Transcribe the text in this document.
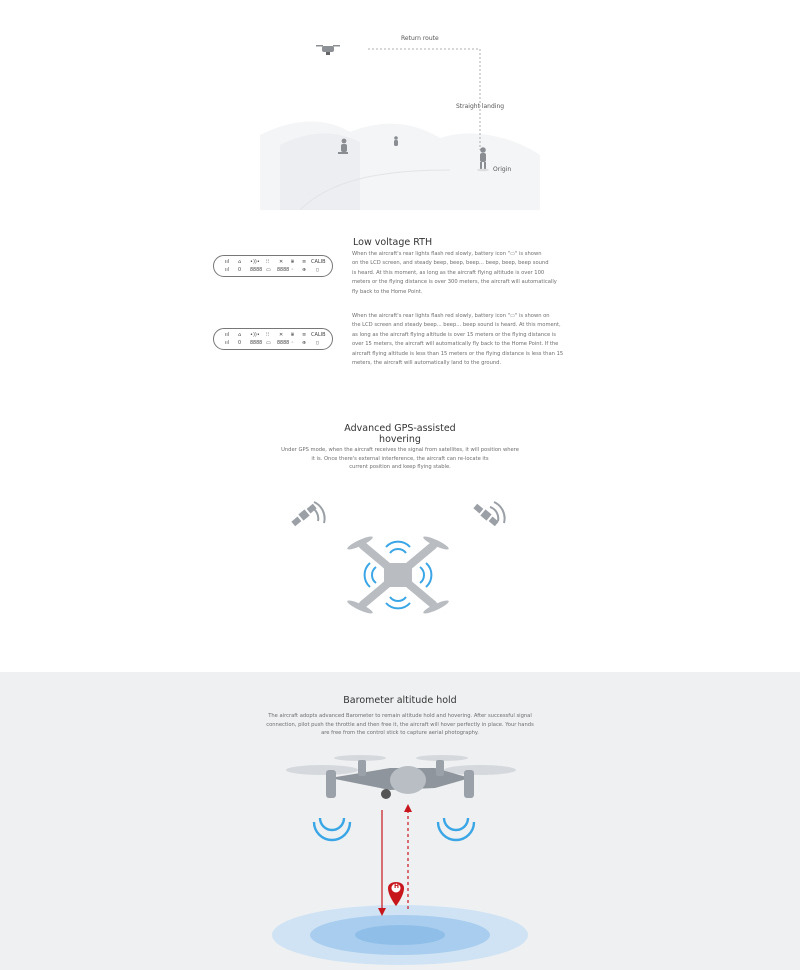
Return route
Straight landing
Origin
Low voltage RTH
When the aircraft's rear lights flash red slowly, battery icon "▭" is shown
on the LCD screen, and steady beep, beep, beep... beep, beep, beep sound
is heard. At this moment, as long as the aircraft flying altitude is over 100
meters or the flying distance is over 300 meters, the aircraft will automatically
fly back to the Home Point.
When the aircraft's rear lights flash red slowly, battery icon "▭" is shown on
the LCD screen and steady beep... beep... beep sound is heard. At this moment,
as long as the aircraft flying altitude is over 15 meters or the flying distance is
over 15 meters, the aircraft will automatically fly back to the Home Point. If the
aircraft flying altitude is less than 15 meters or the flying distance is less than 15
meters, the aircraft will automatically land to the ground.
ııl ⌂ •))• ⁝⁝ ✕ ⩰ ≡ CALIB
ııl 0 8888 ▭ 8888 ◦ ⊕ ▯
ııl ⌂ •))• ⁝⁝ ✕ ⩰ ≡ CALIB
ııl 0 8888 ▭ 8888 ◦ ⊕ ▯
Advanced GPS-assisted
hovering
Under GPS mode, when the aircraft receives the signal from satellites, it will position where
it is. Once there's external interference, the aircraft can re-locate its
current position and keep flying stable.
Barometer altitude hold
The aircraft adopts advanced Barometer to remain altitude hold and hovering. After successful signal
connection, pilot push the throttle and then free it, the aircraft will hover perfectly in place. Your hands
are free from the control stick to capture aerial photography.
H
